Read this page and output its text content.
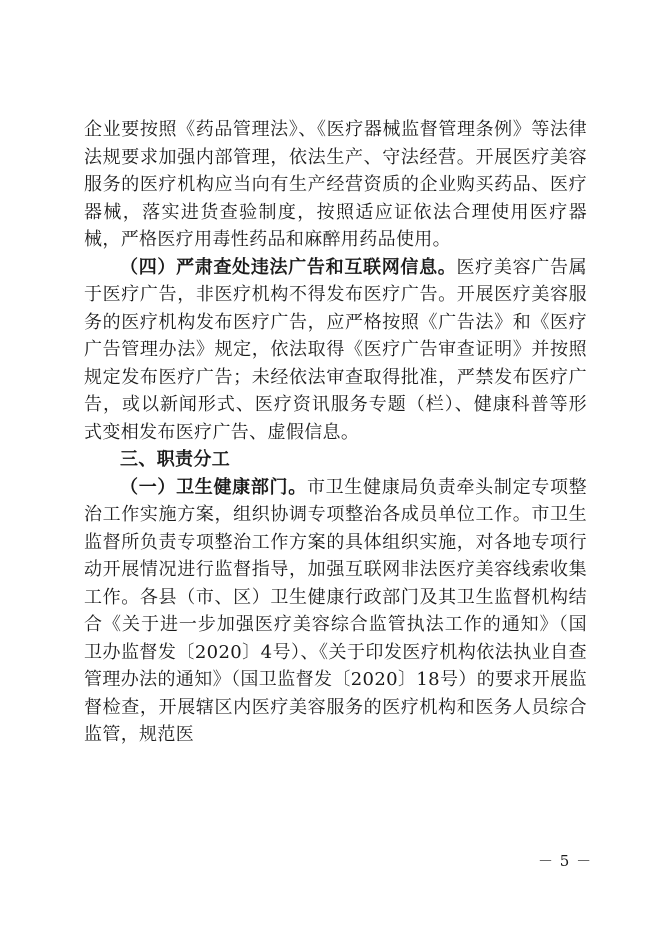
企业要按照《药品管理法》、《医疗器械监督管理条例》等法律法规要求加强内部管理，依法生产、守法经营。开展医疗美容服务的医疗机构应当向有生产经营资质的企业购买药品、医疗器械，落实进货查验制度，按照适应证依法合理使用医疗器械，严格医疗用毒性药品和麻醉用药品使用。

（四）严肃查处违法广告和互联网信息。医疗美容广告属于医疗广告，非医疗机构不得发布医疗广告。开展医疗美容服务的医疗机构发布医疗广告，应严格按照《广告法》和《医疗广告管理办法》规定，依法取得《医疗广告审查证明》并按照规定发布医疗广告；未经依法审查取得批准，严禁发布医疗广告，或以新闻形式、医疗资讯服务专题（栏）、健康科普等形式变相发布医疗广告、虚假信息。

三、职责分工

（一）卫生健康部门。市卫生健康局负责牵头制定专项整治工作实施方案，组织协调专项整治各成员单位工作。市卫生监督所负责专项整治工作方案的具体组织实施，对各地专项行动开展情况进行监督指导，加强互联网非法医疗美容线索收集工作。各县（市、区）卫生健康行政部门及其卫生监督机构结合《关于进一步加强医疗美容综合监管执法工作的通知》（国卫办监督发〔2020〕4号）、《关于印发医疗机构依法执业自查管理办法的通知》（国卫监督发〔2020〕18号）的要求开展监督检查，开展辖区内医疗美容服务的医疗机构和医务人员综合监管，规范医

－ 5 －
